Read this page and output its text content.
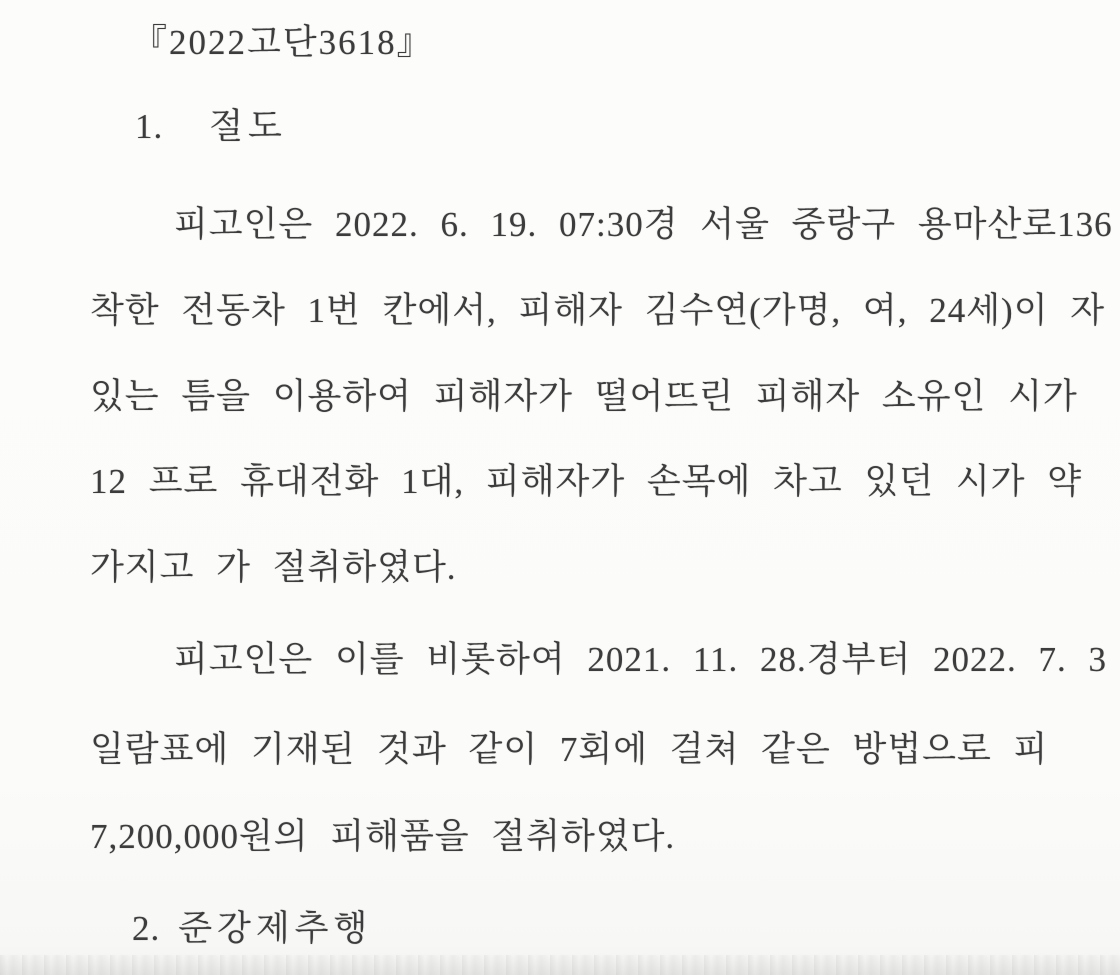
『2022고단3618』
1. 절도
피고인은 2022. 6. 19. 07:30경 서울 중랑구 용마산로136
착한 전동차 1번 칸에서, 피해자 김수연(가명, 여, 24세)이 자
있는 틈을 이용하여 피해자가 떨어뜨린 피해자 소유인 시가
12 프로 휴대전화 1대, 피해자가 손목에 차고 있던 시가 약
가지고 가 절취하였다.
피고인은 이를 비롯하여 2021. 11. 28.경부터 2022. 7. 3
일람표에 기재된 것과 같이 7회에 걸쳐 같은 방법으로 피
7,200,000원의 피해품을 절취하였다.
2. 준강제추행
